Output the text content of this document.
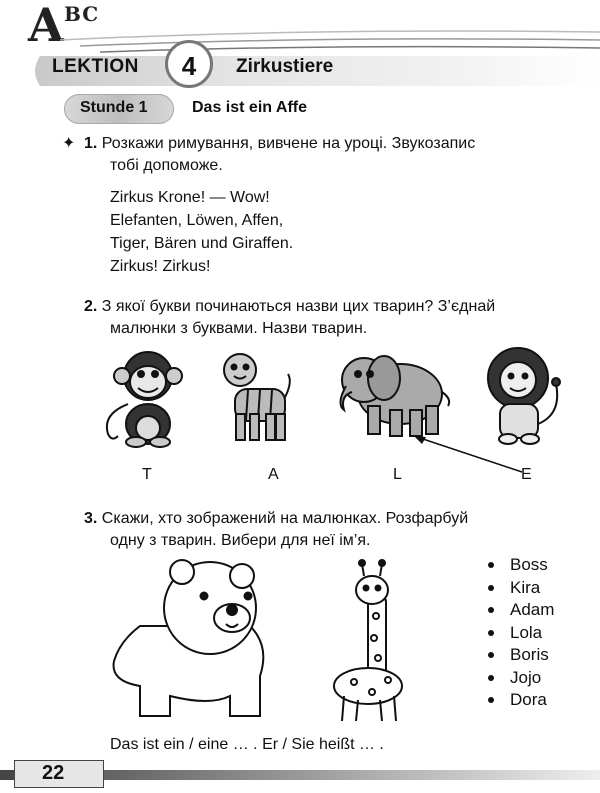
A BC
LEKTION	4	Zirkustiere
Stunde 1	Das ist ein Affe
✦ 1. Розкажи римування, вивчене на уроці. Звукозапис
тобі допоможе.
Zirkus Krone! — Wow!
Elefanten, Löwen, Affen,
Tiger, Bären und Giraffen.
Zirkus! Zirkus!
2. З якої букви починаються назви цих тварин? З’єднай
малюнки з буквами. Назви тварин.
T	A	L	E
3. Скажи, хто зображений на малюнках. Розфарбуй
одну з тварин. Вибери для неї ім’я.
Boss
Kira
Adam
Lola
Boris
Jojo
Dora
Das ist ein / eine … . Er / Sie heißt … .
22
